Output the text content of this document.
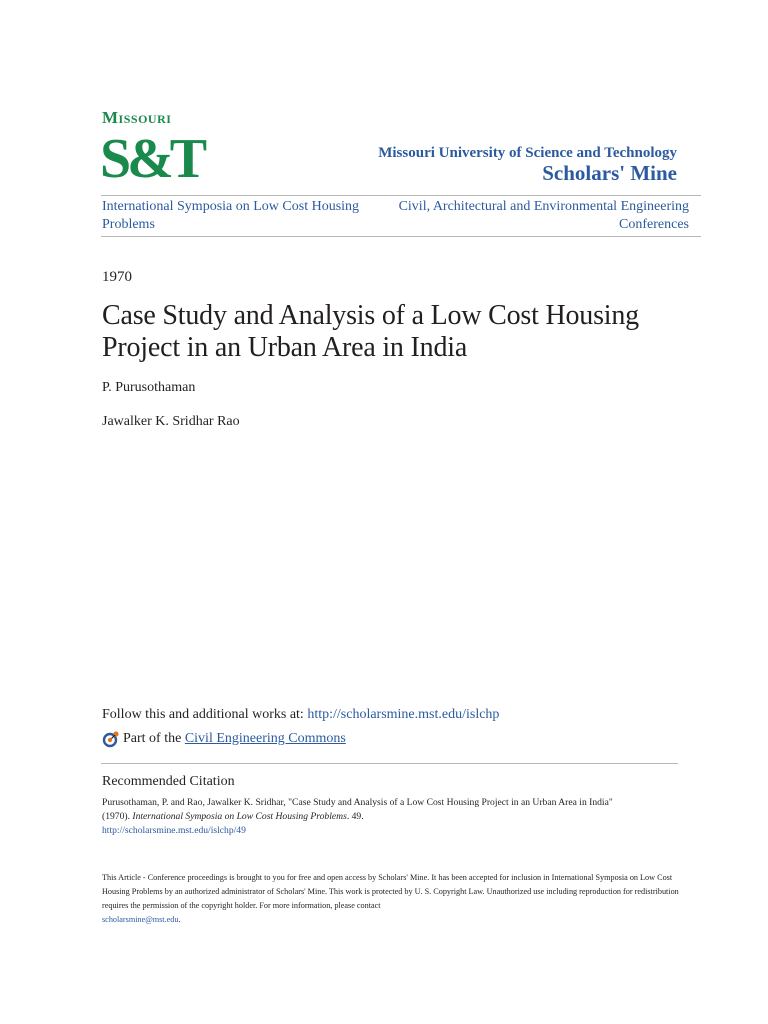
Missouri
S&T	Missouri University of Science and Technology
Scholars' Mine
International Symposia on Low Cost Housing Problems
Civil, Architectural and Environmental Engineering Conferences
1970
Case Study and Analysis of a Low Cost Housing Project in an Urban Area in India
P. Purusothaman
Jawalker K. Sridhar Rao
Follow this and additional works at: http://scholarsmine.mst.edu/islchp
Part of the
Civil Engineering Commons
Recommended Citation
Purusothaman, P. and Rao, Jawalker K. Sridhar, "Case Study and Analysis of a Low Cost Housing Project in an Urban Area in India"
(1970). International Symposia on Low Cost Housing Problems. 49.
http://scholarsmine.mst.edu/islchp/49
This Article - Conference proceedings is brought to you for free and open access by Scholars' Mine. It has been accepted for inclusion in International Symposia on Low Cost Housing Problems by an authorized administrator of Scholars' Mine. This work is protected by U. S. Copyright Law. Unauthorized use including reproduction for redistribution requires the permission of the copyright holder. For more information, please contact
scholarsmine@mst.edu.
